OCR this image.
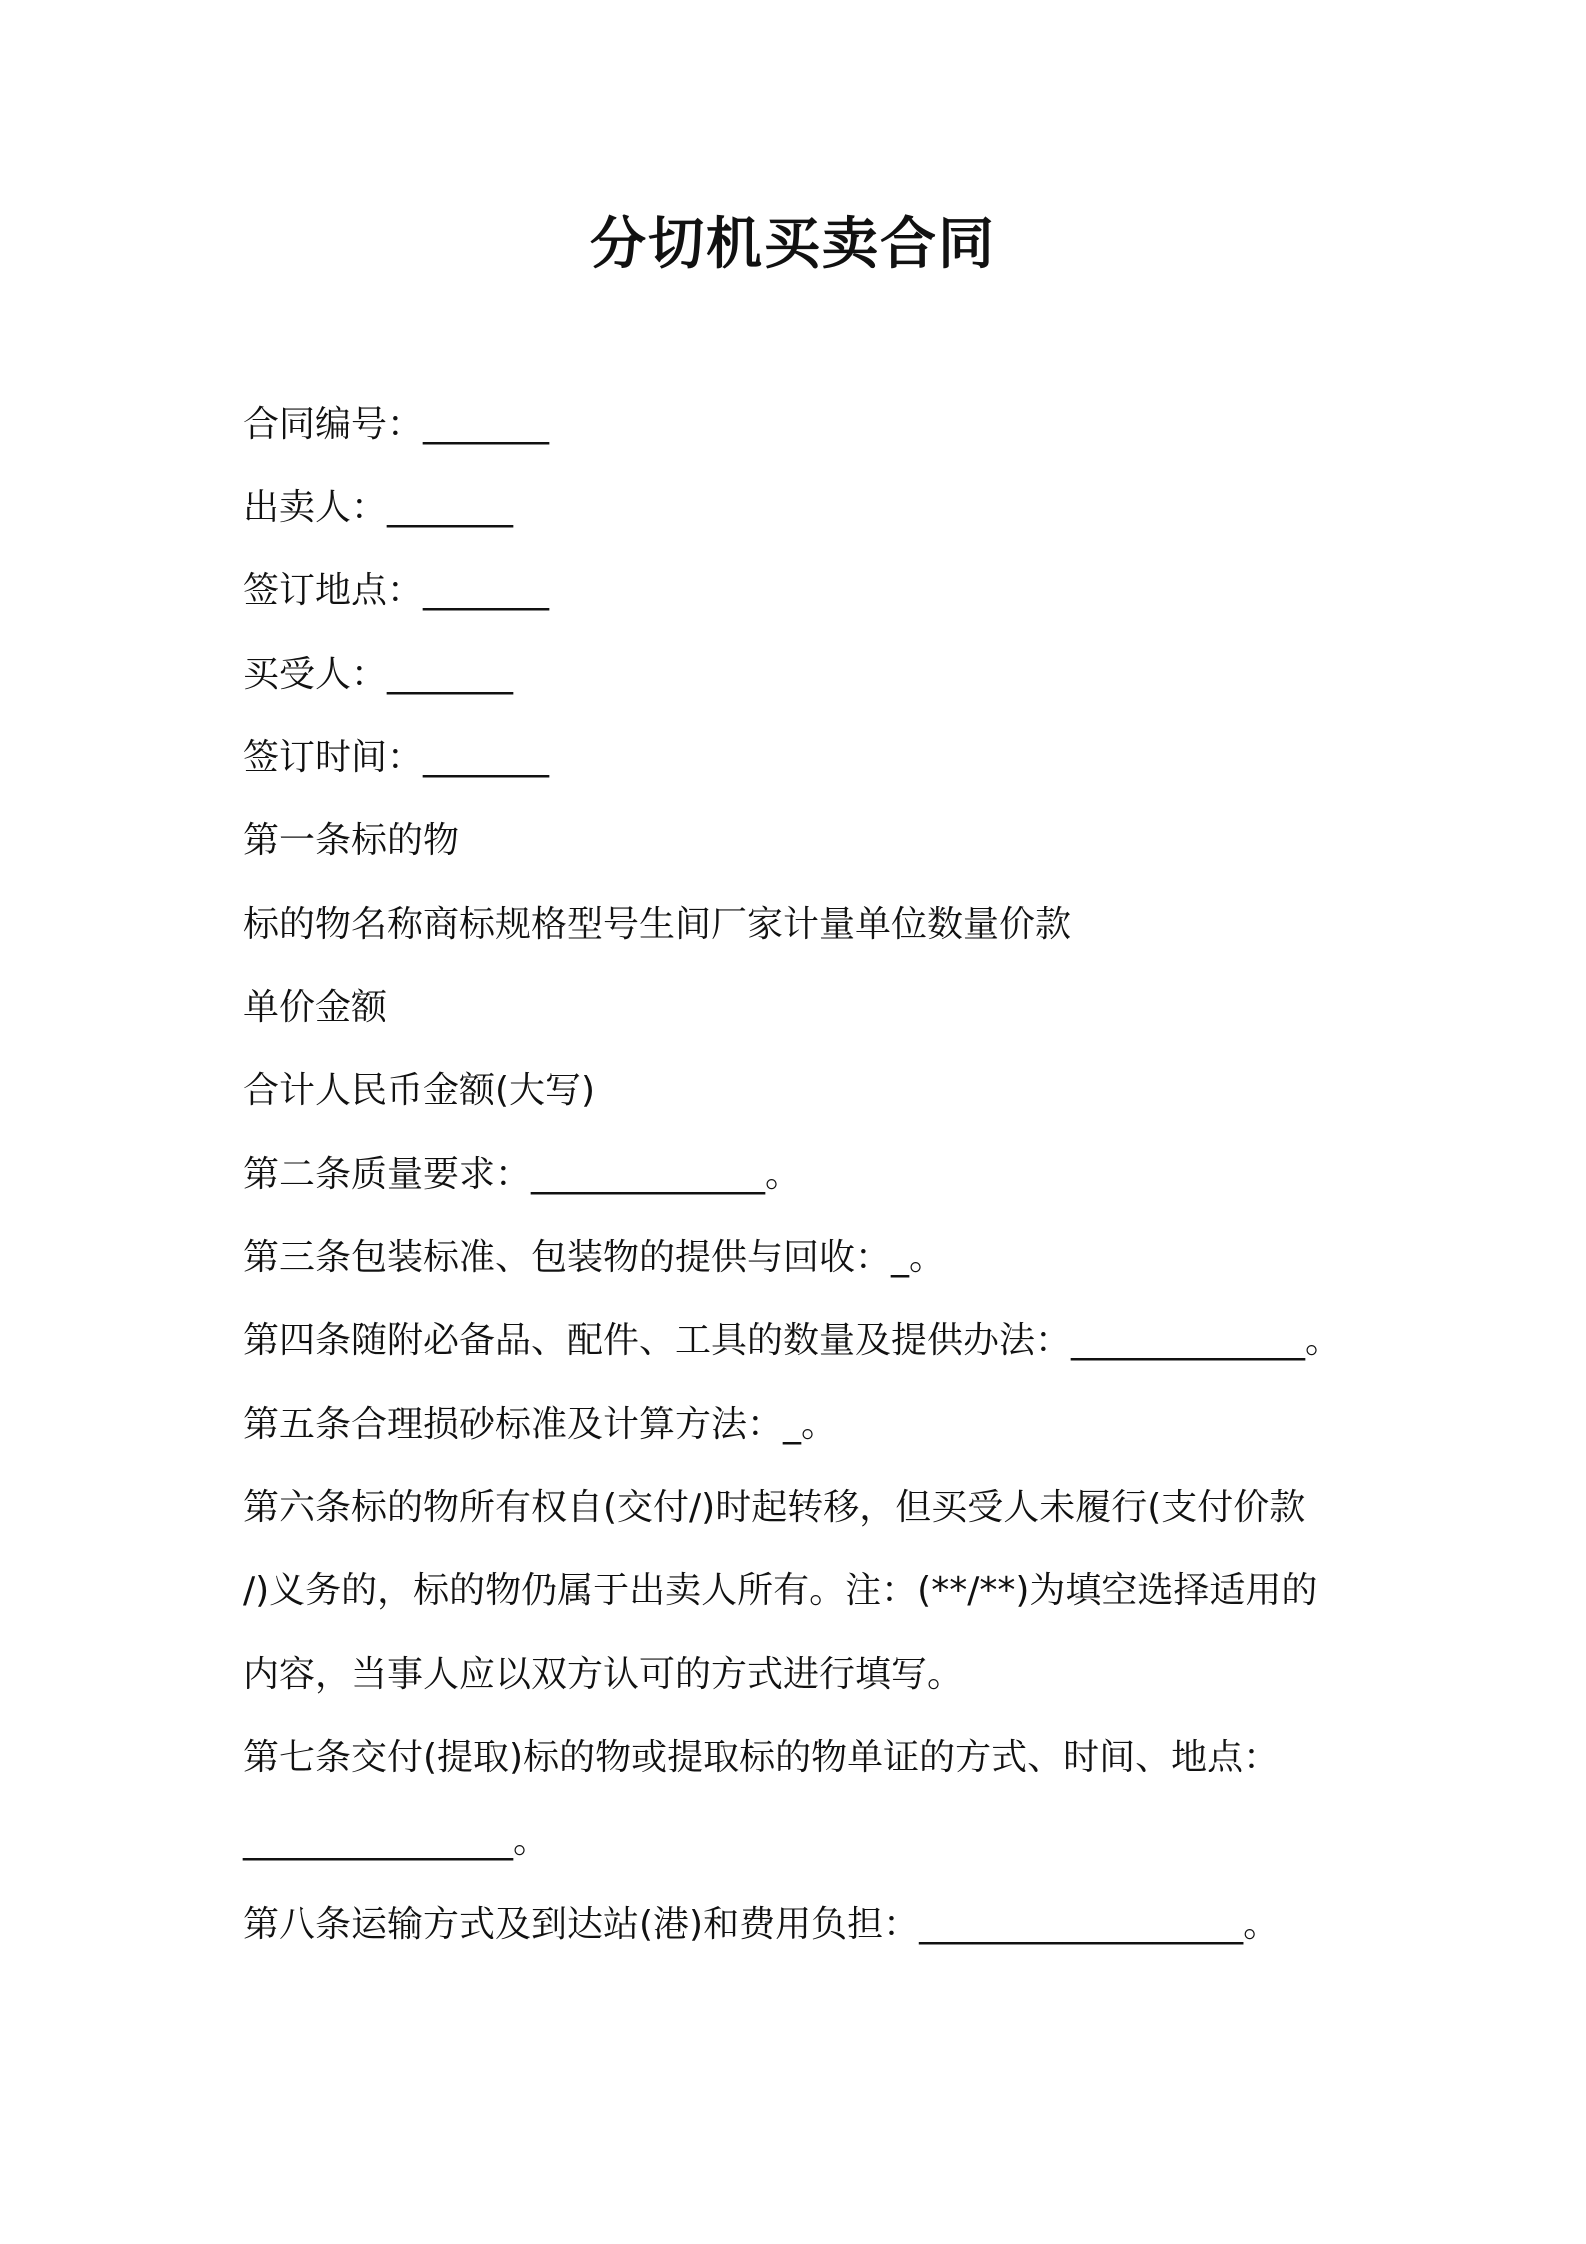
分切机买卖合同

合同编号：_______

出卖人：_______

签订地点：_______

买受人：_______

签订时间：_______

第一条标的物

标的物名称商标规格型号生间厂家计量单位数量价款

单价金额

合计人民币金额(大写)

第二条质量要求：_____________。

第三条包装标准、包装物的提供与回收：_。

第四条随附必备品、配件、工具的数量及提供办法：_____________。

第五条合理损砂标准及计算方法：_。

第六条标的物所有权自(交付/)时起转移，但买受人未履行(支付价款

/)义务的，标的物仍属于出卖人所有。注：(**/**)为填空选择适用的

内容，当事人应以双方认可的方式进行填写。

第七条交付(提取)标的物或提取标的物单证的方式、时间、地点：

_______________。

第八条运输方式及到达站(港)和费用负担：__________________。
